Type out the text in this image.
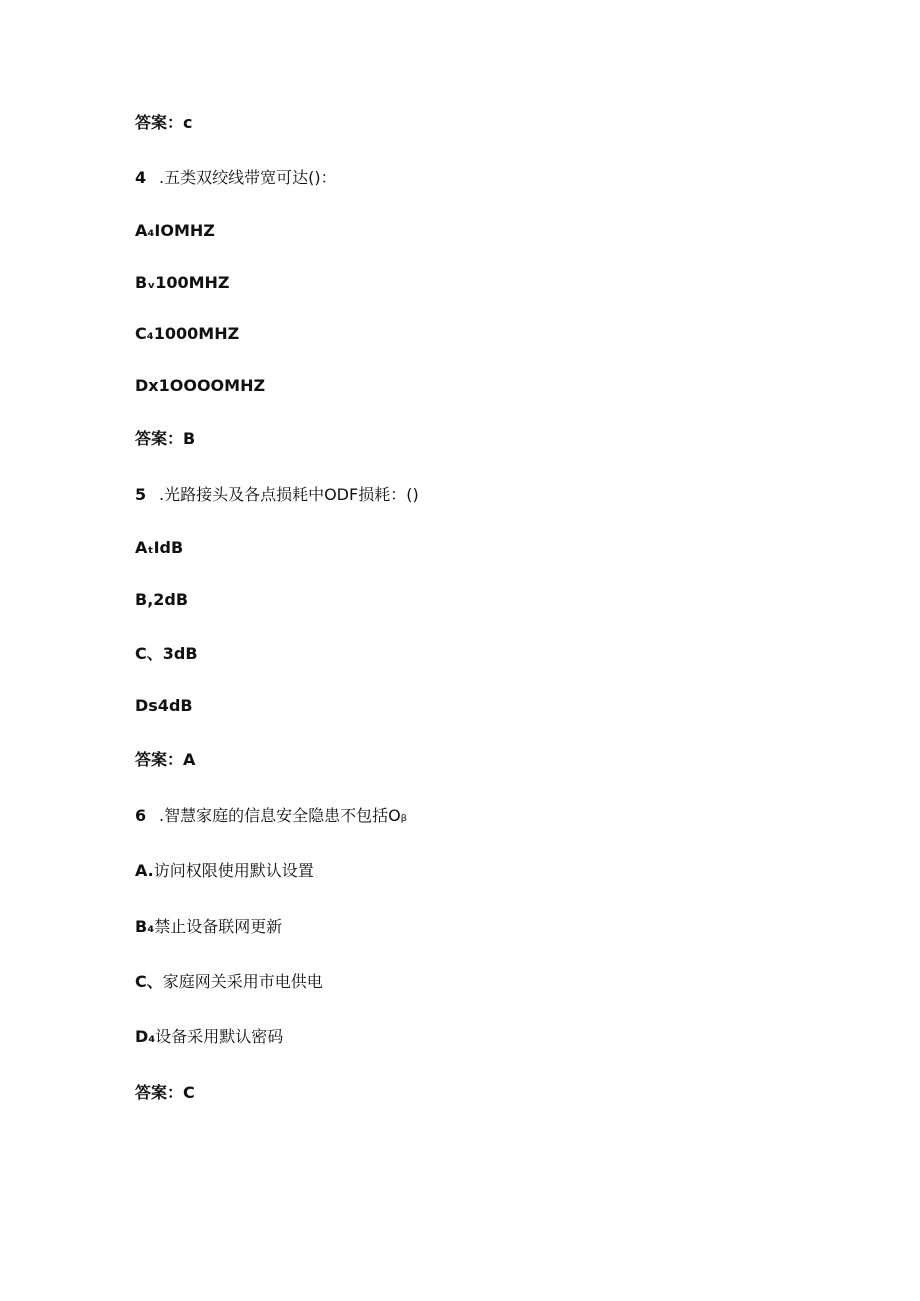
答案：c
4 .五类双绞线带宽可达()：
A₄IOMHZ
Bᵥ100MHZ
C₄1000MHZ
Dx1OOOOMHZ
答案：B
5 .光路接头及各点损耗中ODF损耗：()
AₜIdB
B,2dB
C、3dB
Ds4dB
答案：A
6 .智慧家庭的信息安全隐患不包括Oᵦ
A.访问权限使用默认设置
B₄禁止设备联网更新
C、家庭网关采用市电供电
D₄设备采用默认密码
答案：C
